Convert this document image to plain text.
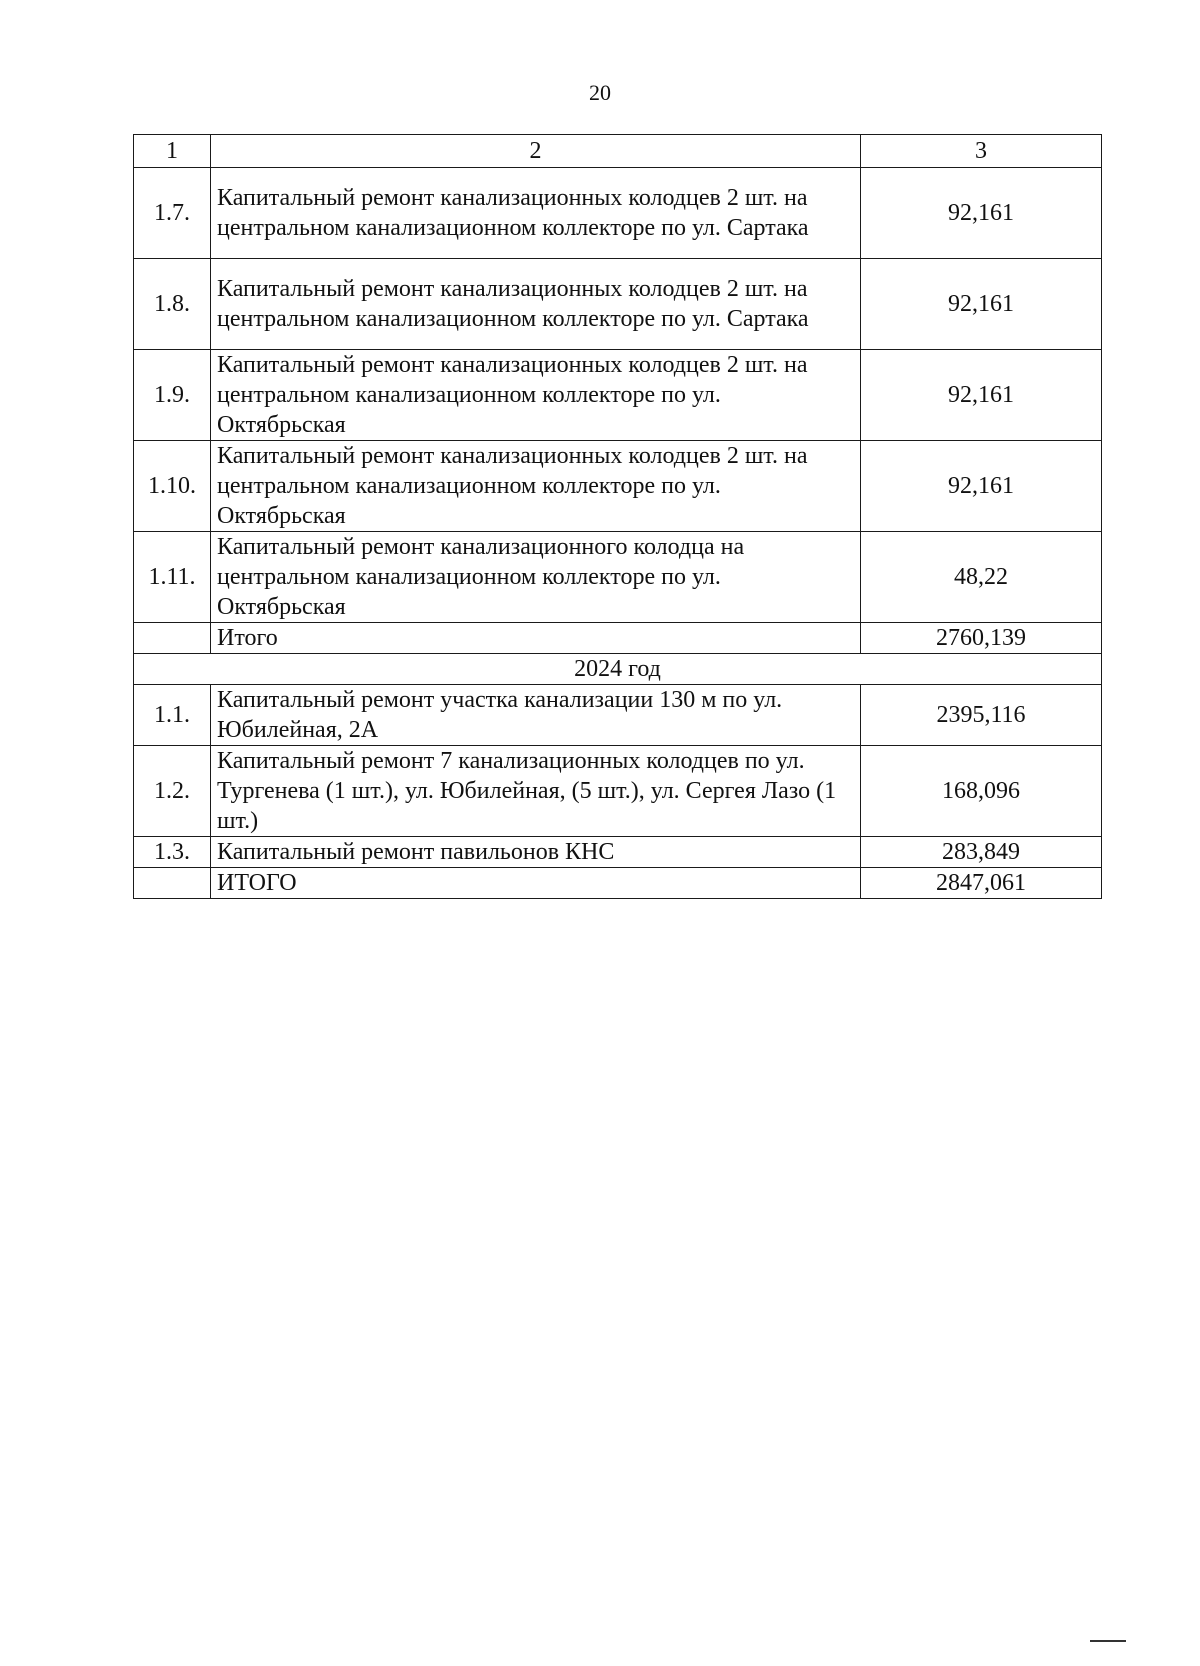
20
1	2	3
1.7.	Капитальный ремонт канализационных колодцев 2 шт. на центральном канализационном коллекторе по ул. Сартака	92,161
1.8.	Капитальный ремонт канализационных колодцев 2 шт. на центральном канализационном коллекторе по ул. Сартака	92,161
1.9.	Капитальный ремонт канализационных колодцев 2 шт. на центральном канализационном коллекторе по ул. Октябрьская	92,161
1.10.	Капитальный ремонт канализационных колодцев 2 шт. на центральном канализационном коллекторе по ул. Октябрьская	92,161
1.11.	Капитальный ремонт канализационного колодца на центральном канализационном коллекторе по ул. Октябрьская	48,22
	Итого	2760,139
2024 год		
1.1.	Капитальный ремонт участка канализации 130 м по ул. Юбилейная, 2А	2395,116
1.2.	Капитальный ремонт 7 канализационных колодцев по ул. Тургенева (1 шт.), ул. Юбилейная, (5 шт.), ул. Сергея Лазо (1 шт.)	168,096
1.3.	Капитальный ремонт павильонов КНС	283,849
	ИТОГО	2847,061
